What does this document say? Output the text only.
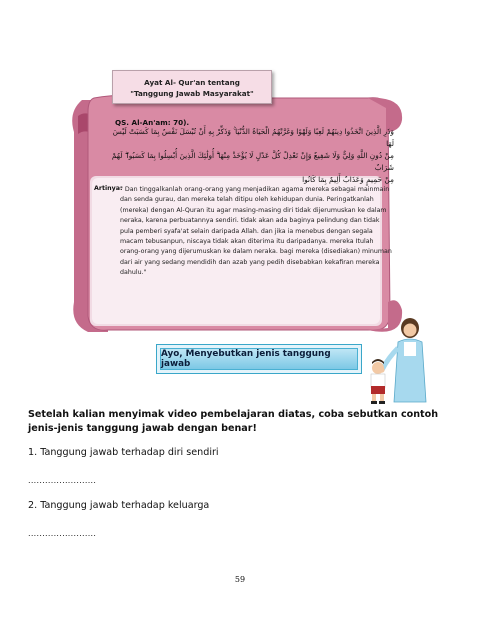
Ayat Al- Qur'an tentang
"Tanggung Jawab Masyarakat"
QS. Al-An'am: 70).
وَذَرِ الَّذِينَ اتَّخَذُوا دِينَهُمْ لَعِبًا وَلَهْوًا وَغَرَّتْهُمُ الْحَيَاةُ الدُّنْيَا ۚ وَذَكِّرْ بِهِ أَنْ تُبْسَلَ نَفْسٌ بِمَا كَسَبَتْ لَيْسَ لَهَا
مِنْ دُونِ اللَّهِ وَلِيٌّ وَلَا شَفِيعٌ وَإِنْ تَعْدِلْ كُلَّ عَدْلٍ لَا يُؤْخَذْ مِنْهَا ۗ أُولَٰئِكَ الَّذِينَ أُبْسِلُوا بِمَا كَسَبُوا ۖ لَهُمْ شَرَابٌ
مِنْ حَمِيمٍ وَعَذَابٌ أَلِيمٌ بِمَا كَانُوا
Artinya:
" Dan tinggalkanlah orang-orang yang menjadikan agama mereka sebagai mainmain dan senda gurau, dan mereka telah ditipu oleh kehidupan dunia. Peringatkanlah (mereka) dengan Al-Quran itu agar masing-masing diri tidak dijerumuskan ke dalam neraka, karena perbuatannya sendiri. tidak akan ada baginya pelindung dan tidak pula pemberi syafa'at selain daripada Allah. dan jika ia menebus dengan segala macam tebusanpun, niscaya tidak akan diterima itu daripadanya. mereka Itulah orang-orang yang dijerumuskan ke dalam neraka. bagi mereka (disediakan) minuman dari air yang sedang mendidih dan azab yang pedih disebabkan kekafiran mereka dahulu."
Ayo, Menyebutkan jenis tanggung jawab
Setelah kalian menyimak video pembelajaran diatas, coba sebutkan contoh jenis-jenis tanggung jawab dengan benar!
1. Tanggung jawab terhadap diri sendiri
........................
2. Tanggung jawab terhadap keluarga
........................
59
